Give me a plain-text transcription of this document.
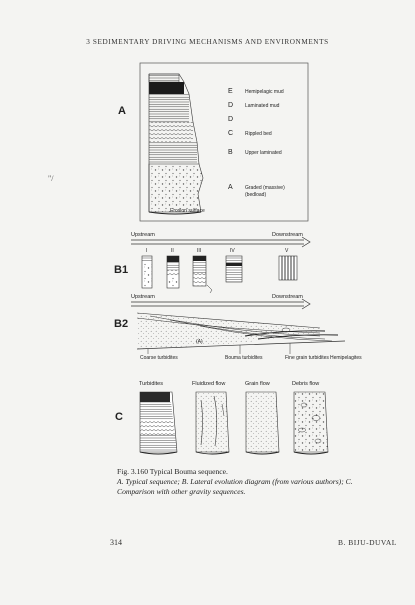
3 SEDIMENTARY DRIVING MECHANISMS AND ENVIRONMENTS
"/
A
E Hemipelagic mud
D Laminated mud
D
C Rippled bed
B Upper laminated
A Graded (massive)
(bedload)
Erosion surface
Upstream	Downstream
B1
I	II	III	IV	V
Upstream	Downstream
B2
(A)
Coarse turbidites	Bouma turbidites	Fine grain turbidites Hemipelagites
C
Turbidites	Fluidized flow	Grain flow	Debris flow
Fig. 3.160 Typical Bouma sequence.
A. Typical sequence; B. Lateral evolution diagram (from various authors); C. Comparison with other gravity sequences.
314	B. BIJU-DUVAL
